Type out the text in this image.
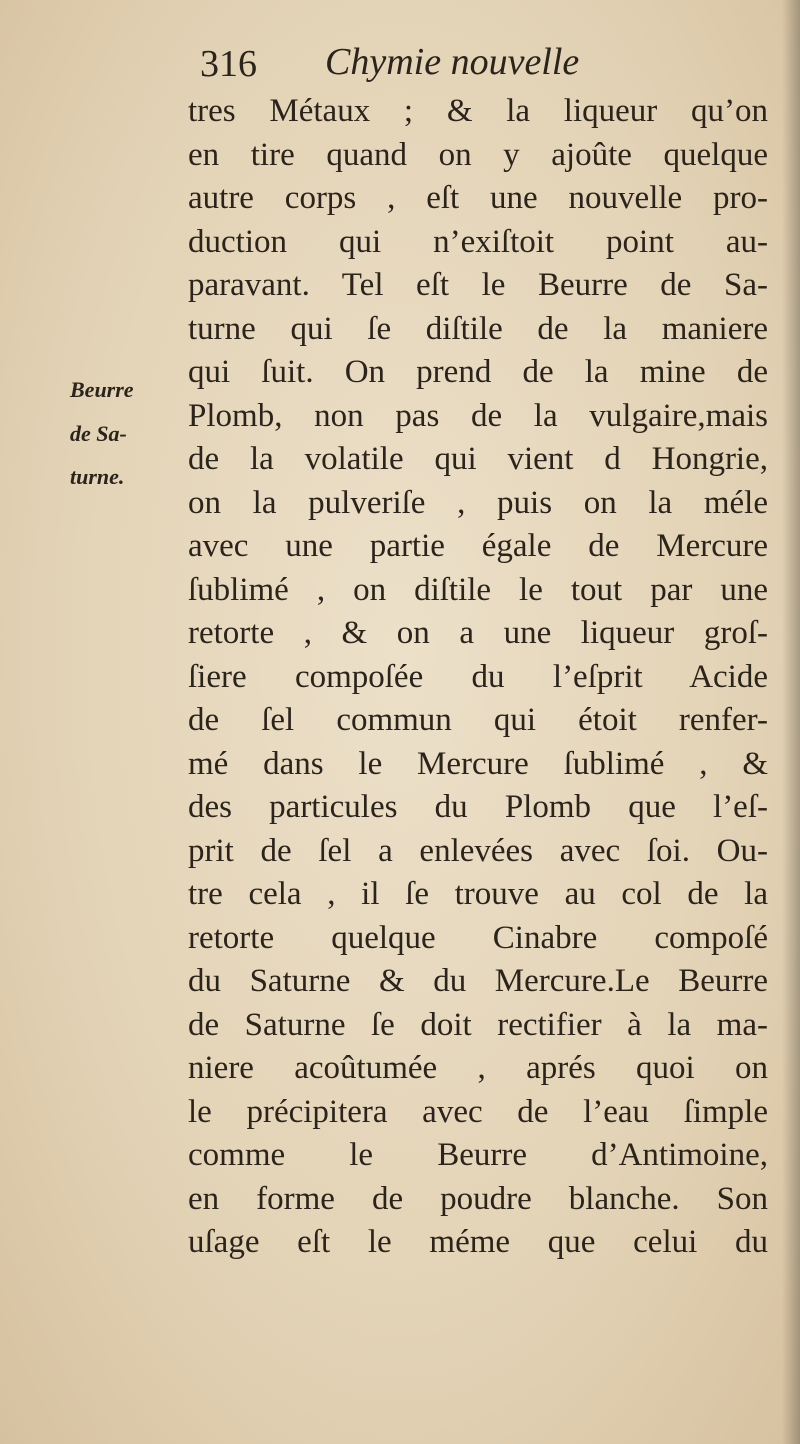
316 Chymie nouvelle
Beurre
de Sa-
turne.
tres Métaux ; & la liqueur qu’on
en tire quand on y ajoûte quelque
autre corps , eſt une nouvelle pro-
duction qui n’exiſtoit point au-
paravant. Tel eſt le Beurre de Sa-
turne qui ſe diſtile de la maniere
qui ſuit. On prend de la mine de
Plomb, non pas de la vulgaire,mais
de la volatile qui vient d Hongrie,
on la pulveriſe , puis on la méle
avec une partie égale de Mercure
ſublimé , on diſtile le tout par une
retorte , & on a une liqueur groſ-
ſiere compoſée du l’eſprit Acide
de ſel commun qui étoit renfer-
mé dans le Mercure ſublimé , &
des particules du Plomb que l’eſ-
prit de ſel a enlevées avec ſoi. Ou-
tre cela , il ſe trouve au col de la
retorte quelque Cinabre compoſé
du Saturne & du Mercure.Le Beurre
de Saturne ſe doit rectifier à la ma-
niere acoûtumée , aprés quoi on
le précipitera avec de l’eau ſimple
comme le Beurre d’Antimoine,
en forme de poudre blanche. Son
uſage eſt le méme que celui du
